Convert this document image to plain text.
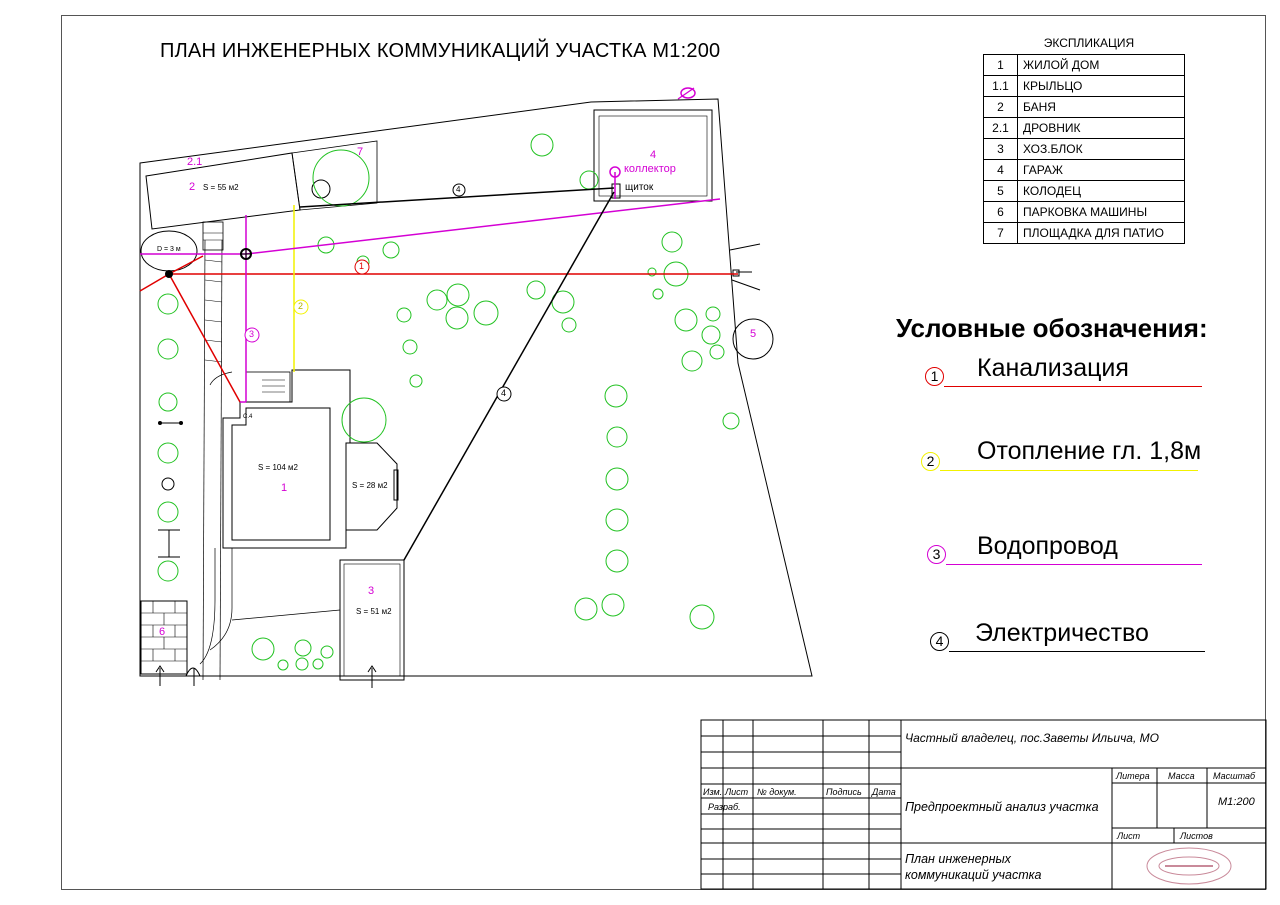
ПЛАН ИНЖЕНЕРНЫХ КОММУНИКАЦИЙ УЧАСТКА М1:200	ЭКСПЛИКАЦИЯ
1	ЖИЛОЙ ДОМ
1.1	КРЫЛЬЦО
2	БАНЯ
2.1	ДРОВНИК
3	ХОЗ.БЛОК
4	ГАРАЖ
5	КОЛОДЕЦ
6	ПАРКОВКА МАШИНЫ
7	ПЛОЩАДКА ДЛЯ ПАТИО
Условные обозначения:
1 Канализация
2 Отопление гл. 1,8м
3 Водопровод
4 Электричество
2.1
2 S = 55 м2
7
D = 3 м
S = 104 м2
1	S = 28 м2
С.4
3
S = 51 м2
4
коллектор
щиток
5
6
1
2
3
4
4
Частный владелец, пос.Заветы Ильича, МО
Изм. Лист № докум.	Подпись Дата
Разраб.	Предпроектный анализ участка
Литера Масса Масштаб
М1:200
Лист	Листов
План инженерных
коммуникаций участка
